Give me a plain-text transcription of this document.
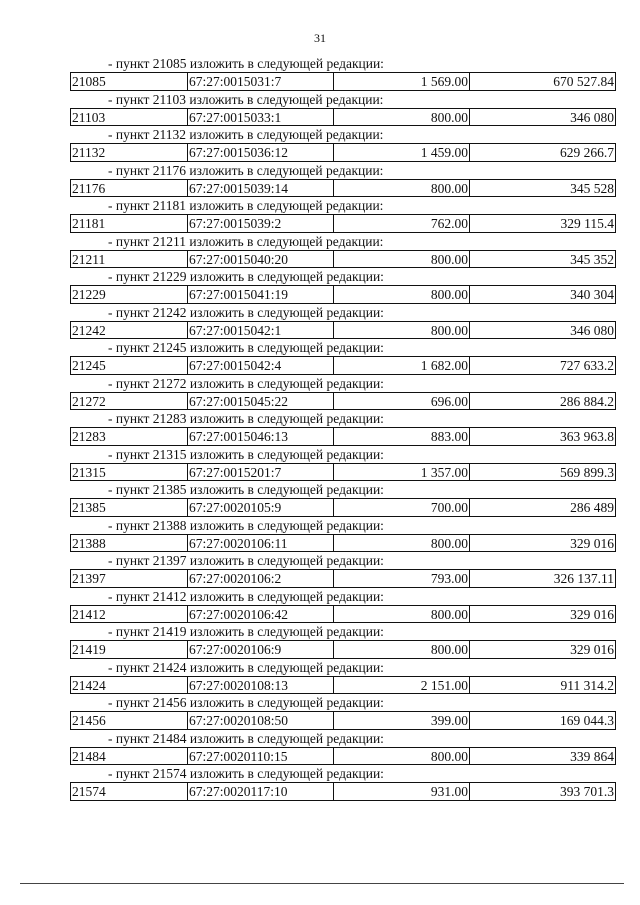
31
- пункт 21085 изложить в следующей редакции:
21085	67:27:0015031:7	1 569.00	670 527.84
- пункт 21103 изложить в следующей редакции:
21103	67:27:0015033:1	800.00	346 080
- пункт 21132 изложить в следующей редакции:
21132	67:27:0015036:12	1 459.00	629 266.7
- пункт 21176 изложить в следующей редакции:
21176	67:27:0015039:14	800.00	345 528
- пункт 21181 изложить в следующей редакции:
21181	67:27:0015039:2	762.00	329 115.4
- пункт 21211 изложить в следующей редакции:
21211	67:27:0015040:20	800.00	345 352
- пункт 21229 изложить в следующей редакции:
21229	67:27:0015041:19	800.00	340 304
- пункт 21242 изложить в следующей редакции:
21242	67:27:0015042:1	800.00	346 080
- пункт 21245 изложить в следующей редакции:
21245	67:27:0015042:4	1 682.00	727 633.2
- пункт 21272 изложить в следующей редакции:
21272	67:27:0015045:22	696.00	286 884.2
- пункт 21283 изложить в следующей редакции:
21283	67:27:0015046:13	883.00	363 963.8
- пункт 21315 изложить в следующей редакции:
21315	67:27:0015201:7	1 357.00	569 899.3
- пункт 21385 изложить в следующей редакции:
21385	67:27:0020105:9	700.00	286 489
- пункт 21388 изложить в следующей редакции:
21388	67:27:0020106:11	800.00	329 016
- пункт 21397 изложить в следующей редакции:
21397	67:27:0020106:2	793.00	326 137.11
- пункт 21412 изложить в следующей редакции:
21412	67:27:0020106:42	800.00	329 016
- пункт 21419 изложить в следующей редакции:
21419	67:27:0020106:9	800.00	329 016
- пункт 21424 изложить в следующей редакции:
21424	67:27:0020108:13	2 151.00	911 314.2
- пункт 21456 изложить в следующей редакции:
21456	67:27:0020108:50	399.00	169 044.3
- пункт 21484 изложить в следующей редакции:
21484	67:27:0020110:15	800.00	339 864
- пункт 21574 изложить в следующей редакции:
21574	67:27:0020117:10	931.00	393 701.3
